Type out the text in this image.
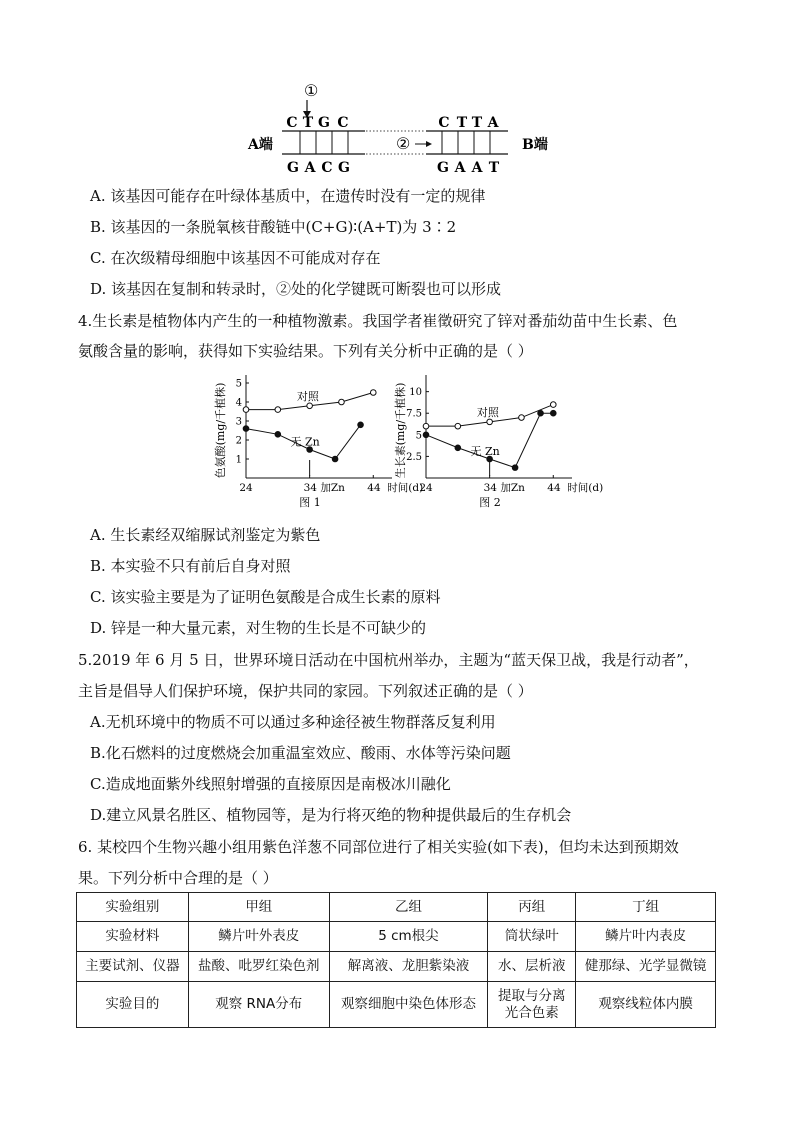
①
②
A端	B端
C T G C
G A C G
C T T A
G A A T
A. 该基因可能存在叶绿体基质中，在遗传时没有一定的规律
B. 该基因的一条脱氧核苷酸链中(C+G)∶(A+T)为 3∶2
C. 在次级精母细胞中该基因不可能成对存在
D. 该基因在复制和转录时，②处的化学键既可断裂也可以形成
4.生长素是植物体内产生的一种植物激素。我国学者崔徵研究了锌对番茄幼苗中生长素、色
氨酸含量的影响，获得如下实验结果。下列有关分析中正确的是（ ）
1
2
3
4
5
24	34 加Zn 44 时间(d)
色氨酸(mg/千植株)
图 1
对照
无 Zn
2.5
5
7.5
10
24	34 加Zn 44 时间(d)
生长素(mg/千植株)
图 2
对照
无 Zn
A. 生长素经双缩脲试剂鉴定为紫色
B. 本实验不只有前后自身对照
C. 该实验主要是为了证明色氨酸是合成生长素的原料
D. 锌是一种大量元素，对生物的生长是不可缺少的
5.2019 年 6 月 5 日，世界环境日活动在中国杭州举办，主题为“蓝天保卫战，我是行动者”，
主旨是倡导人们保护环境，保护共同的家园。下列叙述正确的是（ ）
A.无机环境中的物质不可以通过多种途径被生物群落反复利用
B.化石燃料的过度燃烧会加重温室效应、酸雨、水体等污染问题
C.造成地面紫外线照射增强的直接原因是南极冰川融化
D.建立风景名胜区、植物园等，是为行将灭绝的物种提供最后的生存机会
6. 某校四个生物兴趣小组用紫色洋葱不同部位进行了相关实验(如下表)，但均未达到预期效
果。下列分析中合理的是（ ）
实验组别	甲组	乙组	丙组	丁组
实验材料	鳞片叶外表皮	5 cm根尖	筒状绿叶	鳞片叶内表皮
主要试剂、仪器	盐酸、吡罗红染色剂	解离液、龙胆紫染液	水、层析液	健那绿、光学显微镜
实验目的	观察 RNA分布	观察细胞中染色体形态	提取与分离光合色素	观察线粒体内膜
